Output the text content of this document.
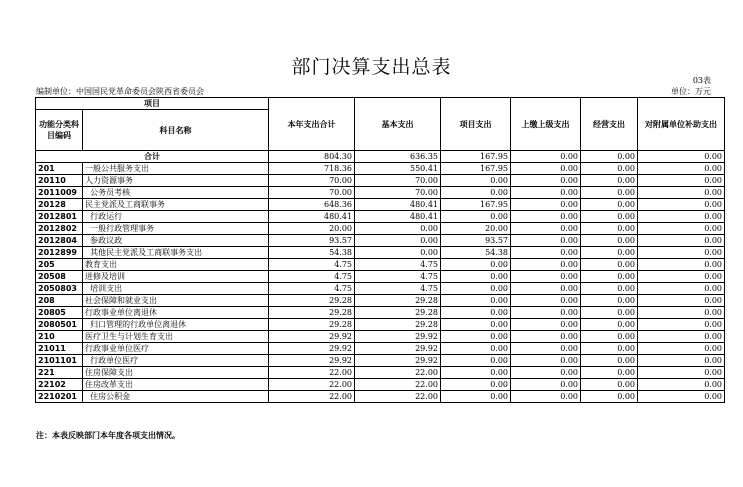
部门决算支出总表
03表
编制单位：中国国民党革命委员会陕西省委员会	单位：万元
项目		本年支出合计	基本支出	项目支出	上缴上级支出	经营支出	对附属单位补助支出
功能分类科目编码	科目名称						
合计		804.30	636.35	167.95	0.00	0.00	0.00
201	一般公共服务支出	718.36	550.41	167.95	0.00	0.00	0.00
20110	人力资源事务	70.00	70.00	0.00	0.00	0.00	0.00
2011009	公务员考核	70.00	70.00	0.00	0.00	0.00	0.00
20128	民主党派及工商联事务	648.36	480.41	167.95	0.00	0.00	0.00
2012801	行政运行	480.41	480.41	0.00	0.00	0.00	0.00
2012802	一般行政管理事务	20.00	0.00	20.00	0.00	0.00	0.00
2012804	参政议政	93.57	0.00	93.57	0.00	0.00	0.00
2012899	其他民主党派及工商联事务支出	54.38	0.00	54.38	0.00	0.00	0.00
205	教育支出	4.75	4.75	0.00	0.00	0.00	0.00
20508	进修及培训	4.75	4.75	0.00	0.00	0.00	0.00
2050803	培训支出	4.75	4.75	0.00	0.00	0.00	0.00
208	社会保障和就业支出	29.28	29.28	0.00	0.00	0.00	0.00
20805	行政事业单位离退休	29.28	29.28	0.00	0.00	0.00	0.00
2080501	归口管理的行政单位离退休	29.28	29.28	0.00	0.00	0.00	0.00
210	医疗卫生与计划生育支出	29.92	29.92	0.00	0.00	0.00	0.00
21011	行政事业单位医疗	29.92	29.92	0.00	0.00	0.00	0.00
2101101	行政单位医疗	29.92	29.92	0.00	0.00	0.00	0.00
221	住房保障支出	22.00	22.00	0.00	0.00	0.00	0.00
22102	住房改革支出	22.00	22.00	0.00	0.00	0.00	0.00
2210201	住房公积金	22.00	22.00	0.00	0.00	0.00	0.00
注：本表反映部门本年度各项支出情况。
